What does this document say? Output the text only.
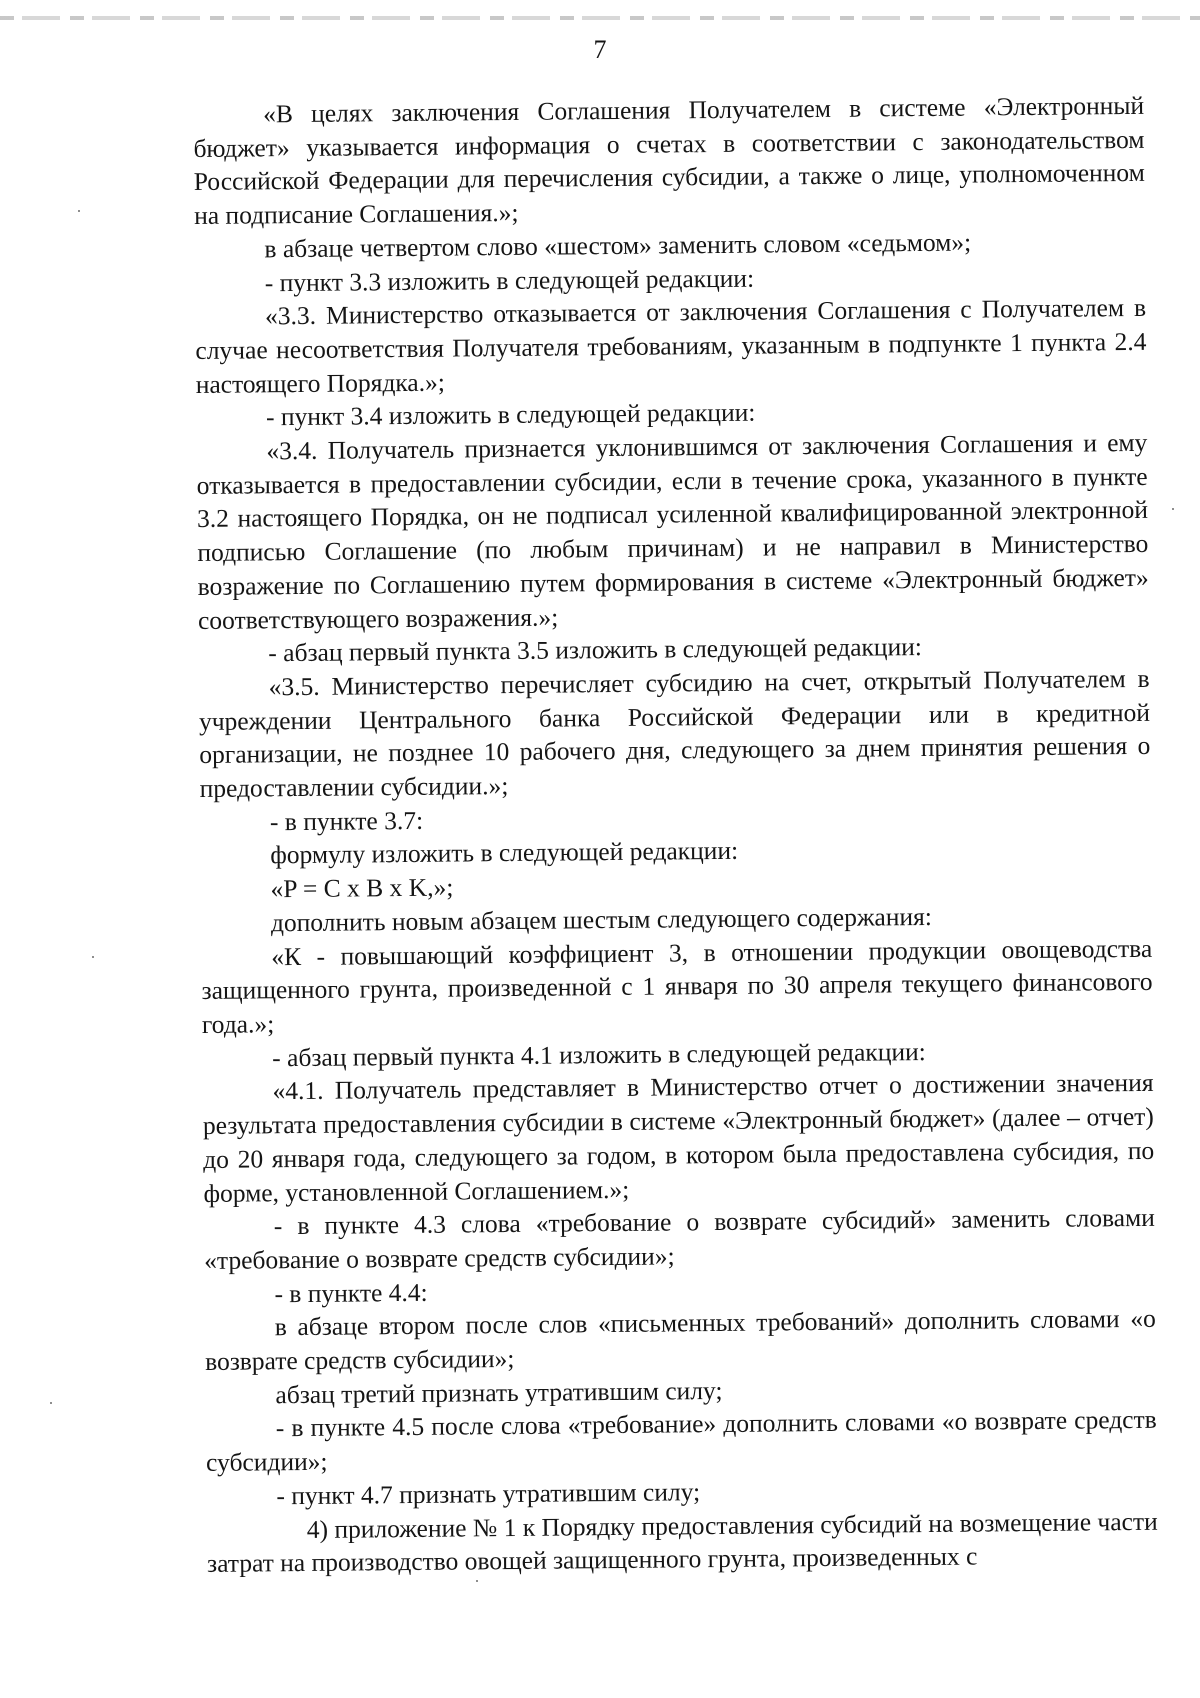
7

«В целях заключения Соглашения Получателем в системе «Электронный бюджет» указывается информация о счетах в соответствии с законодательством Российской Федерации для перечисления субсидии, а также о лице, уполномоченном на подписание Соглашения.»;

в абзаце четвертом слово «шестом» заменить словом «седьмом»;

- пункт 3.3 изложить в следующей редакции:

«3.3. Министерство отказывается от заключения Соглашения с Получателем в случае несоответствия Получателя требованиям, указанным в подпункте 1 пункта 2.4 настоящего Порядка.»;

- пункт 3.4 изложить в следующей редакции:

«3.4. Получатель признается уклонившимся от заключения Соглашения и ему отказывается в предоставлении субсидии, если в течение срока, указанного в пункте 3.2 настоящего Порядка, он не подписал усиленной квалифицированной электронной подписью Соглашение (по любым причинам) и не направил в Министерство возражение по Соглашению путем формирования в системе «Электронный бюджет» соответствующего возражения.»;

- абзац первый пункта 3.5 изложить в следующей редакции:

«3.5. Министерство перечисляет субсидию на счет, открытый Получателем в учреждении Центрального банка Российской Федерации или в кредитной организации, не позднее 10 рабочего дня, следующего за днем принятия решения о предоставлении субсидии.»;

- в пункте 3.7:

формулу изложить в следующей редакции:

«P = C x B x K,»;

дополнить новым абзацем шестым следующего содержания:

«К - повышающий коэффициент 3, в отношении продукции овощеводства защищенного грунта, произведенной с 1 января по 30 апреля текущего финансового года.»;

- абзац первый пункта 4.1 изложить в следующей редакции:

«4.1. Получатель представляет в Министерство отчет о достижении значения результата предоставления субсидии в системе «Электронный бюджет» (далее – отчет) до 20 января года, следующего за годом, в котором была предоставлена субсидия, по форме, установленной Соглашением.»;

- в пункте 4.3 слова «требование о возврате субсидий» заменить словами «требование о возврате средств субсидии»;

- в пункте 4.4:

в абзаце втором после слов «письменных требований» дополнить словами «о возврате средств субсидии»;

абзац третий признать утратившим силу;

- в пункте 4.5 после слова «требование» дополнить словами «о возврате средств субсидии»;

- пункт 4.7 признать утратившим силу;

4) приложение № 1 к Порядку предоставления субсидий на возмещение части затрат на производство овощей защищенного грунта, произведенных с
